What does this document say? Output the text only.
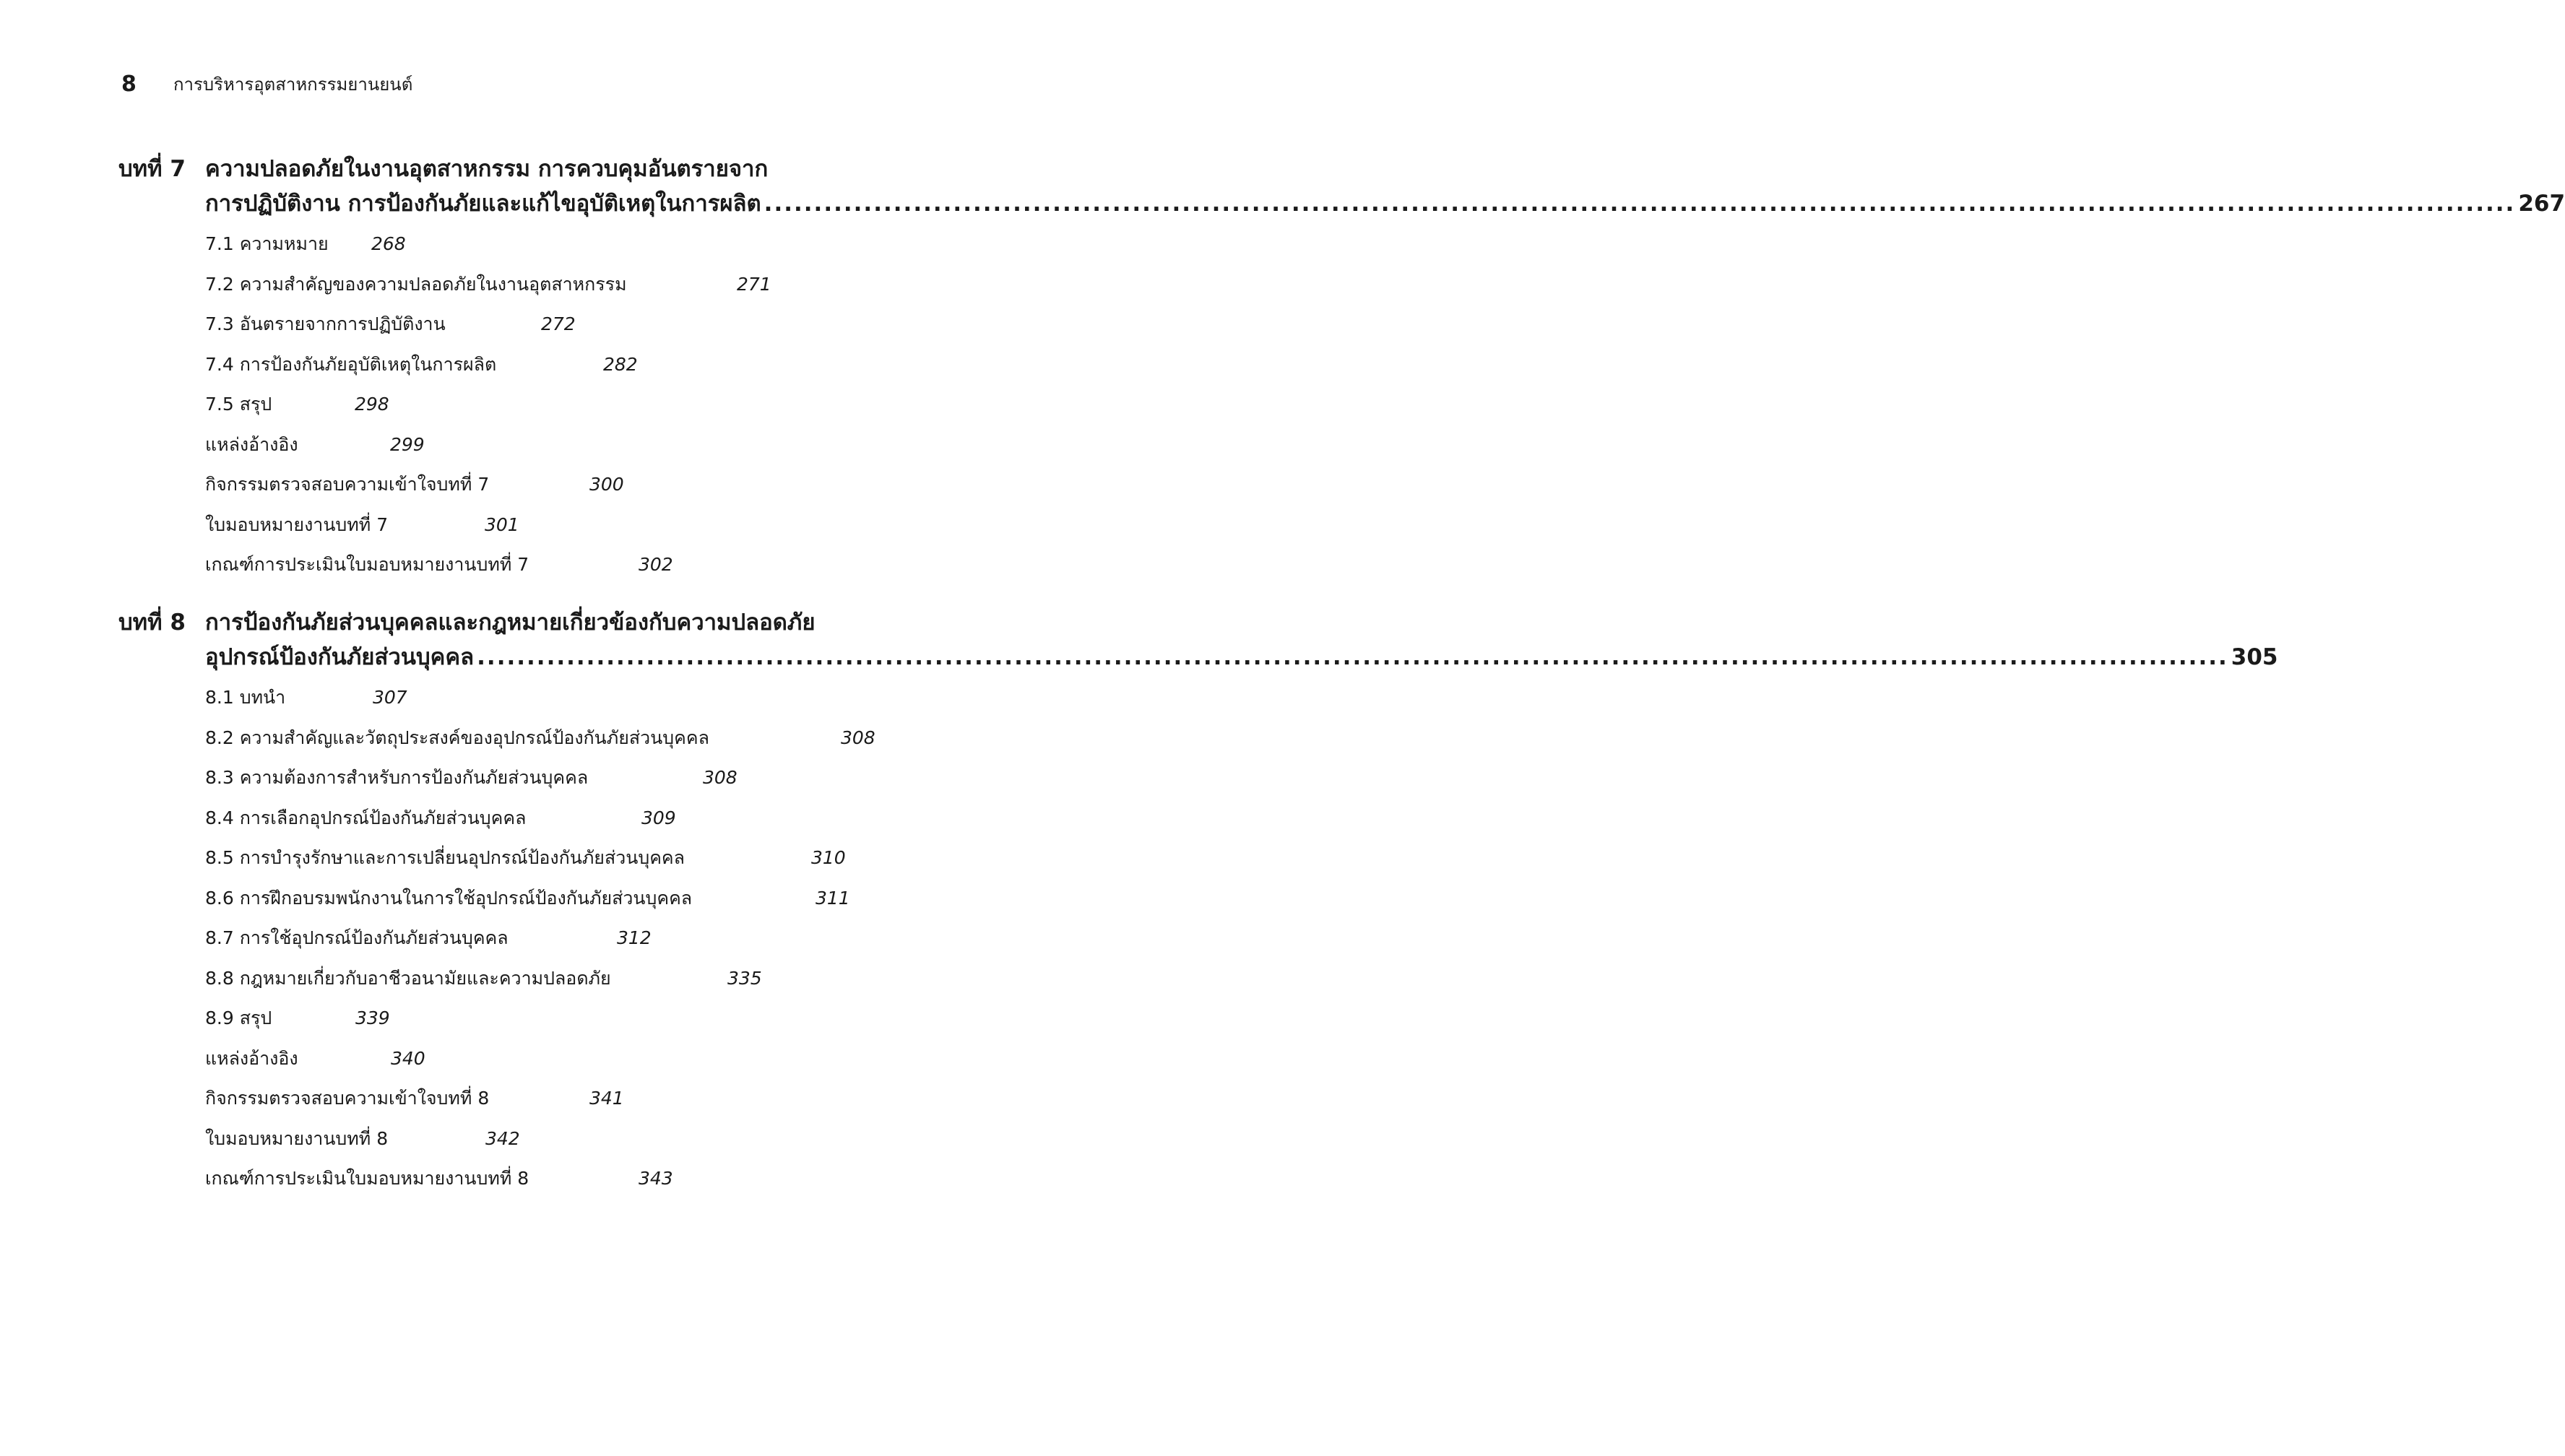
8	การบริหารอุตสาหกรรมยานยนต์
บทที่ 7 ความปลอดภัยในงานอุตสาหกรรม การควบคุมอันตรายจาก
การปฏิบัติงาน การป้องกันภัยและแก้ไขอุบัติเหตุในการผลิต .....	267
7.1 ความหมาย	268
7.2 ความสำคัญของความปลอดภัยในงานอุตสาหกรรม	271
7.3 อันตรายจากการปฏิบัติงาน	272
7.4 การป้องกันภัยอุบัติเหตุในการผลิต	282
7.5 สรุป	298
แหล่งอ้างอิง	299
กิจกรรมตรวจสอบความเข้าใจบทที่ 7	300
ใบมอบหมายงานบทที่ 7	301
เกณฑ์การประเมินใบมอบหมายงานบทที่ 7	302
บทที่ 8 การป้องกันภัยส่วนบุคคลและกฎหมายเกี่ยวข้องกับความปลอดภัย
อุปกรณ์ป้องกันภัยส่วนบุคคล .....	305
8.1 บทนำ	307
8.2 ความสำคัญและวัตถุประสงค์ของอุปกรณ์ป้องกันภัยส่วนบุคคล	308
8.3 ความต้องการสำหรับการป้องกันภัยส่วนบุคคล	308
8.4 การเลือกอุปกรณ์ป้องกันภัยส่วนบุคคล	309
8.5 การบำรุงรักษาและการเปลี่ยนอุปกรณ์ป้องกันภัยส่วนบุคคล	310
8.6 การฝึกอบรมพนักงานในการใช้อุปกรณ์ป้องกันภัยส่วนบุคคล	311
8.7 การใช้อุปกรณ์ป้องกันภัยส่วนบุคคล	312
8.8 กฎหมายเกี่ยวกับอาชีวอนามัยและความปลอดภัย	335
8.9 สรุป	339
แหล่งอ้างอิง	340
กิจกรรมตรวจสอบความเข้าใจบทที่ 8	341
ใบมอบหมายงานบทที่ 8	342
เกณฑ์การประเมินใบมอบหมายงานบทที่ 8	343
